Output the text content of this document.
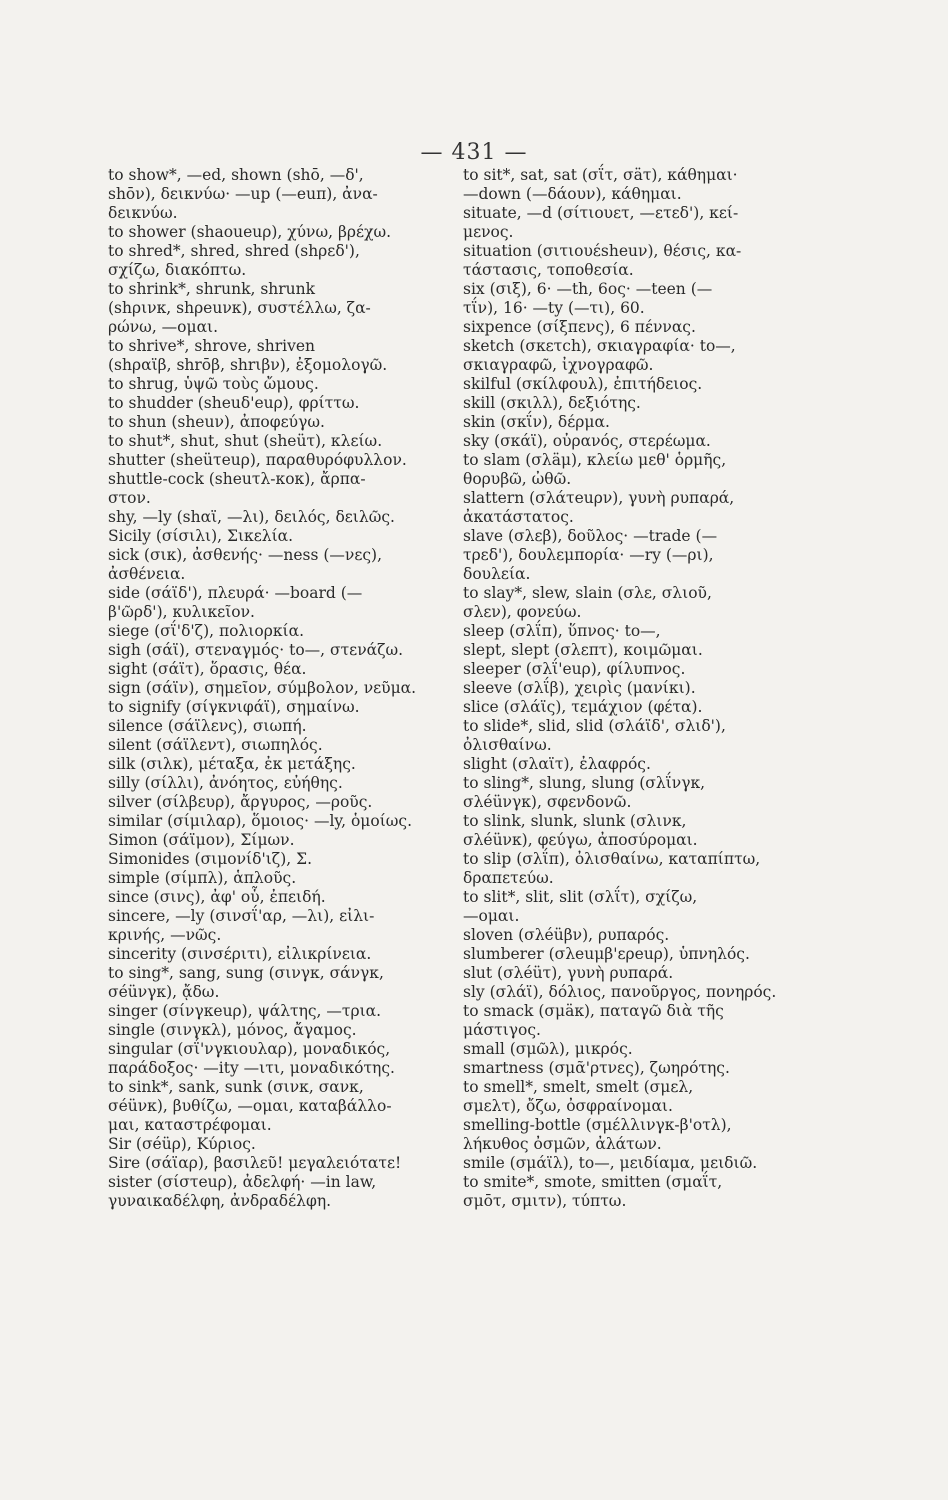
— 431 —
to show*, —ed, shown (shō, —δ',
shōν), δεικνύω· —up (—euπ), ἀνα-
δεικνύω.
to shower (shaoueuρ), χύνω, βρέχω.
to shred*, shred, shred (shρεδ'),
σχίζω, διακόπτω.
to shrink*, shrunk, shrunk
(shρινκ, shρeuνκ), συστέλλω, ζα-
ρώνω, —ομαι.
to shrive*, shrove, shriven
(shραϊβ, shrōβ, shrιβν), ἐξομολογῶ.
to shrug, ὑψῶ τοὺς ὤμους.
to shudder (sheuδ'euρ), φρίττω.
to shun (sheuν), ἀποφεύγω.
to shut*, shut, shut (sheüτ), κλείω.
shutter (sheüτeuρ), παραθυρόφυλλον.
shuttle-cock (sheuτλ-κοκ), ἄρπα-
στον.
shy, —ly (shαϊ, —λι), δειλός, δειλῶς.
Sicily (σίσιλι), Σικελία.
sick (σικ), ἀσθενής· —ness (—νες),
ἀσθένεια.
side (σάϊδ'), πλευρά· —board (—
β'ῶρδ'), κυλικεῖον.
siege (σΐ'δ'ζ), πολιορκία.
sigh (σάϊ), στεναγμός· to—, στενάζω.
sight (σάϊτ), ὅρασις, θέα.
sign (σάϊν), σημεῖον, σύμβολον, νεῦμα.
to signify (σίγκνιφάϊ), σημαίνω.
silence (σάϊλενς), σιωπή.
silent (σάϊλεντ), σιωπηλός.
silk (σιλκ), μέταξα, ἐκ μετάξης.
silly (σίλλι), ἀνόητος, εὐήθης.
silver (σίλβευρ), ἄργυρος, —ροῦς.
similar (σίμιλαρ), ὅμοιος· —ly, ὁμοίως.
Simon (σάϊμον), Σίμων.
Simonides (σιμονίδ'ιζ), Σ.
simple (σίμπλ), ἁπλοῦς.
since (σινς), ἀφ' οὗ, ἐπειδή.
sincere, —ly (σινσΐ'αρ, —λι), εἰλι-
κρινής, —νῶς.
sincerity (σινσέριτι), εἰλικρίνεια.
to sing*, sang, sung (σινγκ, σάνγκ,
σéüνγκ), ᾄδω.
singer (σίνγκeuρ), ψάλτης, —τρια.
single (σινγκλ), μόνος, ἄγαμος.
singular (σΐ'νγκιουλαρ), μοναδικός,
παράδοξος· —ity —ιτι, μοναδικότης.
to sink*, sank, sunk (σινκ, σανκ,
σéüνκ), βυθίζω, —ομαι, καταβάλλο-
μαι, καταστρέφομαι.
Sir (σéüρ), Κύριος.
Sire (σάϊαρ), βασιλεῦ! μεγαλειότατε!
sister (σίστeuρ), ἀδελφή· —in law,
γυναικαδέλφη, ἀνδραδέλφη.
to sit*, sat, sat (σΐτ, σäτ), κάθημαι·
—down (—δάουν), κάθημαι.
situate, —d (σίτιουετ, —ετεδ'), κεί-
μενος.
situation (σιτιουέsheuν), θέσις, κα-
τάστασις, τοποθεσία.
six (σιξ), 6· —th, 6ος· —teen (—
τΐν), 16· —ty (—τι), 60.
sixpence (σίξπενς), 6 πέννας.
sketch (σκετch), σκιαγραφία· to—,
σκιαγραφῶ, ἰχνογραφῶ.
skilful (σκίλφουλ), ἐπιτήδειος.
skill (σκιλλ), δεξιότης.
skin (σκΐν), δέρμα.
sky (σκάϊ), οὐρανός, στερέωμα.
to slam (σλäμ), κλείω μεθ' ὁρμῆς,
θορυβῶ, ὠθῶ.
slattern (σλάτeuρν), γυνὴ ρυπαρά,
ἀκατάστατος.
slave (σλεβ), δοῦλος· —trade (—
τρεδ'), δουλεμπορία· —ry (—ρι),
δουλεία.
to slay*, slew, slain (σλε, σλιοῦ,
σλεν), φονεύω.
sleep (σλΐπ), ὕπνος· to—,
slept, slept (σλεπτ), κοιμῶμαι.
sleeper (σλΐ'euρ), φίλυπνος.
sleeve (σλΐβ), χειρὶς (μανίκι).
slice (σλάϊς), τεμάχιον (φέτα).
to slide*, slid, slid (σλάϊδ', σλιδ'),
ὀλισθαίνω.
slight (σλαϊτ), ἐλαφρός.
to sling*, slung, slung (σλΐνγκ,
σλéüνγκ), σφενδονῶ.
to slink, slunk, slunk (σλινκ,
σλéüνκ), φεύγω, ἀποσύρομαι.
to slip (σλΐπ), ὀλισθαίνω, καταπίπτω,
δραπετεύω.
to slit*, slit, slit (σλΐτ), σχίζω,
—ομαι.
sloven (σλéüβν), ρυπαρός.
slumberer (σλeuμβ'ερeuρ), ὑπνηλός.
slut (σλéüτ), γυνὴ ρυπαρά.
sly (σλάϊ), δόλιος, πανοῦργος, πονηρός.
to smack (σμäκ), παταγῶ διὰ τῆς
μάστιγος.
small (σμῶλ), μικρός.
smartness (σμᾶ'ρτνες), ζωηρότης.
to smell*, smelt, smelt (σμελ,
σμελτ), ὄζω, ὀσφραίνομαι.
smelling-bottle (σμέλλινγκ-β'οτλ),
λήκυθος ὀσμῶν, ἀλάτων.
smile (σμάϊλ), to—, μειδίαμα, μειδιῶ.
to smite*, smote, smitten (σμαΐτ,
σμōτ, σμιτν), τύπτω.
